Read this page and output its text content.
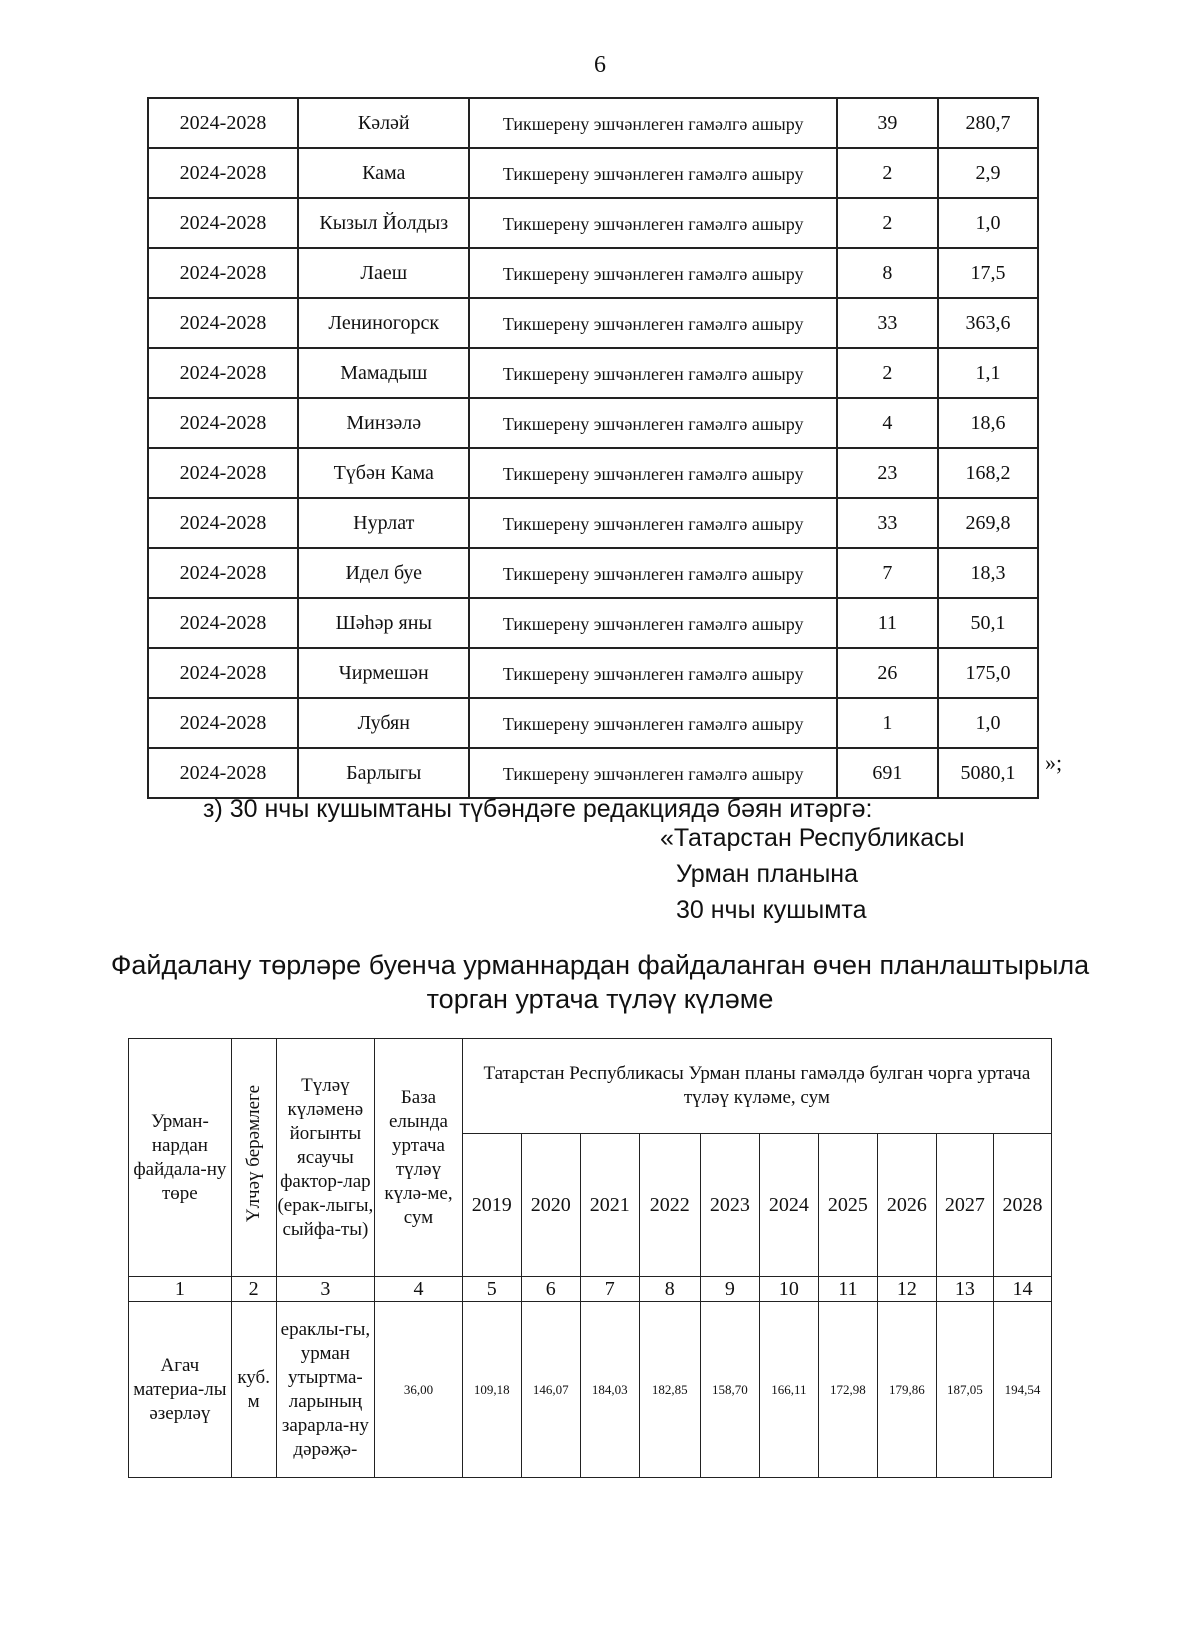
6
2024-2028	Кәләй	Тикшерену эшчәнлеген гамәлгә ашыру	39	280,7
2024-2028	Кама	Тикшерену эшчәнлеген гамәлгә ашыру	2	2,9
2024-2028	Кызыл Йолдыз	Тикшерену эшчәнлеген гамәлгә ашыру	2	1,0
2024-2028	Лаеш	Тикшерену эшчәнлеген гамәлгә ашыру	8	17,5
2024-2028	Лениногорск	Тикшерену эшчәнлеген гамәлгә ашыру	33	363,6
2024-2028	Мамадыш	Тикшерену эшчәнлеген гамәлгә ашыру	2	1,1
2024-2028	Минзәлә	Тикшерену эшчәнлеген гамәлгә ашыру	4	18,6
2024-2028	Түбән Кама	Тикшерену эшчәнлеген гамәлгә ашыру	23	168,2
2024-2028	Нурлат	Тикшерену эшчәнлеген гамәлгә ашыру	33	269,8
2024-2028	Идел буе	Тикшерену эшчәнлеген гамәлгә ашыру	7	18,3
2024-2028	Шәһәр яны	Тикшерену эшчәнлеген гамәлгә ашыру	11	50,1
2024-2028	Чирмешән	Тикшерену эшчәнлеген гамәлгә ашыру	26	175,0
2024-2028	Лубян	Тикшерену эшчәнлеген гамәлгә ашыру	1	1,0
2024-2028	Барлыгы	Тикшерену эшчәнлеген гамәлгә ашыру	691	5080,1 »;
з) 30 нчы кушымтаны түбәндәге редакциядә бәян итәргә:
«Татарстан Республикасы
Урман планына
30 нчы кушымта
Файдалану төрләре буенча урманнардан файдаланган өчен планлаштырыла торган уртача түләү күләме
Урман-нардан файдала-ну төре	Үлчәү берәмлеге	Түләү күләменә йогынты ясаучы фактор-лар (ерак-лыгы, сыйфа-ты)	База елында уртача түләү күлә-ме, сум	Татарстан Республикасы Урман планы гамәлдә булган чорга уртача түләү күләме, сум									
				2019	2020	2021	2022	2023	2024	2025	2026	2027	2028
1	2	3	4	5	6	7	8	9	10	11	12	13	14
Агач материа-лы әзерләү	куб. м	ераклы-гы, урман утыртма-ларының зарарла-ну дәрәҗә-	36,00	109,18	146,07	184,03	182,85	158,70	166,11	172,98	179,86	187,05	194,54
